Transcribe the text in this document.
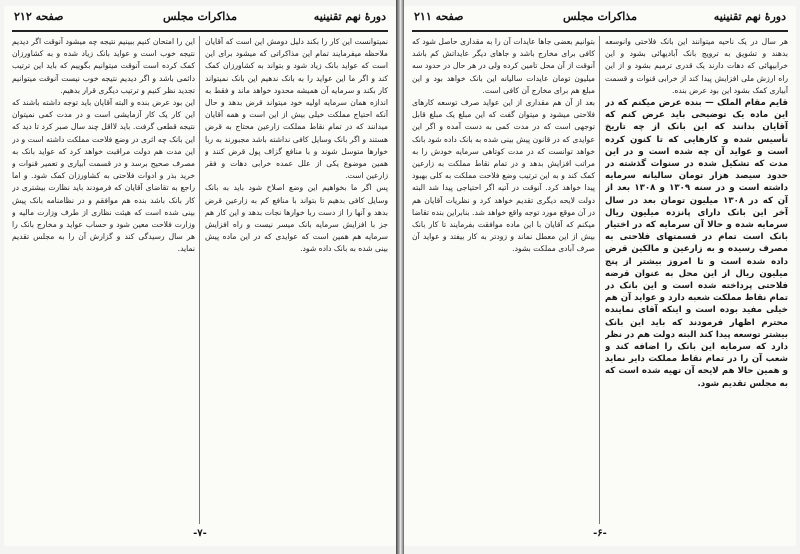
دورهٔ نهم تقنینیه
مذاکرات مجلس
صفحه ۲۱۲

نمیتوانست این کار را بکند دلیل دومش این است که آقایان ملاحظه میفرمایند تمام این مذاکراتی که میشود برای این است که عواید بانک زیاد شود و بتواند به کشاورزان کمک کند و اگر ما این عواید را به بانک ندهیم این بانک نمیتواند کار بکند و سرمایه آن همیشه محدود خواهد ماند و فقط به اندازه همان سرمایه اولیه خود میتواند قرض بدهد و حال آنکه احتیاج مملکت خیلی بیش از این است و همه آقایان میدانند که در تمام نقاط مملکت زارعین محتاج به قرض هستند و اگر بانک وسایل کافی نداشته باشد مجبورند به ربا خوارها متوسل شوند و با منافع گزاف پول قرض کنند و همین موضوع یکی از علل عمده خرابی دهات و فقر زارعین است.

پس اگر ما بخواهیم این وضع اصلاح شود باید به بانک وسایل کافی بدهیم تا بتواند با منافع کم به زارعین قرض بدهد و آنها را از دست ربا خوارها نجات بدهد و این کار هم جز با افزایش سرمایه بانک میسر نیست و راه افزایش سرمایه هم همین است که عوایدی که در این ماده پیش بینی شده به بانک داده شود.

این را امتحان کنیم ببینیم نتیجه چه میشود آنوقت اگر دیدیم نتیجه خوب است و عواید بانک زیاد شده و به کشاورزان کمک کرده است آنوقت میتوانیم بگوییم که باید این ترتیب دائمی باشد و اگر دیدیم نتیجه خوب نیست آنوقت میتوانیم تجدید نظر کنیم و ترتیب دیگری قرار بدهیم.

این بود عرض بنده و البته آقایان باید توجه داشته باشند که این کار یک کار آزمایشی است و در مدت کمی نمیتوان نتیجه قطعی گرفت. باید لااقل چند سال صبر کرد تا دید که این بانک چه اثری در وضع فلاحت مملکت داشته است و در این مدت هم دولت مراقبت خواهد کرد که عواید بانک به مصرف صحیح برسد و در قسمت آبیاری و تعمیر قنوات و خرید بذر و ادوات فلاحتی به کشاورزان کمک شود. و اما راجع به تقاضای آقایان که فرمودند باید نظارت بیشتری در کار بانک باشد بنده هم موافقم و در نظامنامه بانک پیش بینی شده است که هیئت نظاری از طرف وزارت مالیه و وزارت فلاحت معین شود و حساب عواید و مخارج بانک را هر سال رسیدگی کند و گزارش آن را به مجلس تقدیم نماید.

-۷-
دورهٔ نهم تقنینیه
مذاکرات مجلس
صفحه ۲۱۱

هر سال در یک ناحیه میتوانند این بانک فلاحتی وانوسعه بدهند و تشویق به ترویج بانک آبادیهائی بشود و این خرابیهائی که دهات دارند یک قدری ترمیم بشود و از این راه ارزش ملی افزایش پیدا کند از خرابی قنوات و قسمت آبیاری کمک بشود این بود عرض بنده.

قایم مقام الملک — بنده عرض میکنم که در این ماده یک توضیحی باید عرض کنم که آقایان بدانند که این بانک از چه تاریخ تأسیس شده و کارهایی که تا کنون کرده است و عواید آن چه شده است و در این مدت که تشکیل شده در سنوات گذشته در حدود سیصد هزار تومان سالیانه سرمایه داشته است و در سنه ۱۳۰۹ و ۱۳۰۸ بعد از آن که در ۱۳۰۸ میلیون تومان بعد در سال آخر این بانک دارای پانزده میلیون ریال سرمایه شده و حالا آن سرمایه که در اختیار بانک است تمام در قسمتهای فلاحتی به مصرف رسیده و به زارعین و مالکین قرض داده شده است و تا امروز بیشتر از پنج میلیون ریال از این محل به عنوان قرضه فلاحتی پرداخته شده است و این بانک در تمام نقاط مملکت شعبه دارد و عواید آن هم خیلی مفید بوده است و اینکه آقای نماینده محترم اظهار فرمودند که باید این بانک بیشتر توسعه پیدا کند البته دولت هم در نظر دارد که سرمایه این بانک را اضافه کند و شعب آن را در تمام نقاط مملکت دایر نماید و همین حالا هم لایحه آن تهیه شده است که به مجلس تقدیم شود.

بتوانیم بعضی جاها عایدات آن را به مقداری حاصل شود که کافی برای مخارج باشد و جاهای دیگر عایداتش کم باشد آنوقت از آن محل تامین کرده ولی در هر حال در حدود سه میلیون تومان عایدات سالیانه این بانک خواهد بود و این مبلغ هم برای مخارج آن کافی است.

بعد از آن هم مقداری از این عواید صرف توسعه کارهای فلاحتی میشود و میتوان گفت که این مبلغ یک مبلغ قابل توجهی است که در مدت کمی به دست آمده و اگر این عوایدی که در قانون پیش بینی شده به بانک داده شود بانک خواهد توانست که در مدت کوتاهی سرمایه خودش را به مراتب افزایش بدهد و در تمام نقاط مملکت به زارعین کمک کند و به این ترتیب وضع فلاحت مملکت به کلی بهبود پیدا خواهد کرد. آنوقت در آتیه اگر احتیاجی پیدا شد البته دولت لایحه دیگری تقدیم خواهد کرد و نظریات آقایان هم در آن موقع مورد توجه واقع خواهد شد. بنابراین بنده تقاضا میکنم که آقایان با این ماده موافقت بفرمایند تا کار بانک بیش از این معطل نماند و زودتر به کار بیفتد و عواید آن صرف آبادی مملکت بشود.

-۶-
